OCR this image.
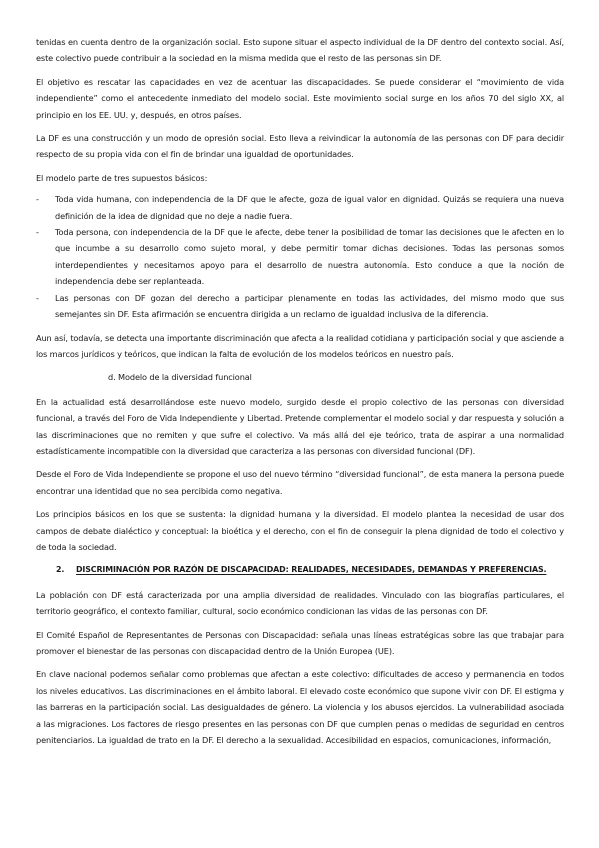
tenidas en cuenta dentro de la organización social. Esto supone situar el aspecto individual de la DF dentro del contexto social. Así, este colectivo puede contribuir a la sociedad en la misma medida que el resto de las personas sin DF.

El objetivo es rescatar las capacidades en vez de acentuar las discapacidades. Se puede considerar el “movimiento de vida independiente” como el antecedente inmediato del modelo social. Este movimiento social surge en los años 70 del siglo XX, al principio en los EE. UU. y, después, en otros países.

La DF es una construcción y un modo de opresión social. Esto lleva a reivindicar la autonomía de las personas con DF para decidir respecto de su propia vida con el fin de brindar una igualdad de oportunidades.

El modelo parte de tres supuestos básicos:

- Toda vida humana, con independencia de la DF que le afecte, goza de igual valor en dignidad. Quizás se requiera una nueva definición de la idea de dignidad que no deje a nadie fuera.
- Toda persona, con independencia de la DF que le afecte, debe tener la posibilidad de tomar las decisiones que le afecten en lo que incumbe a su desarrollo como sujeto moral, y debe permitir tomar dichas decisiones. Todas las personas somos interdependientes y necesitamos apoyo para el desarrollo de nuestra autonomía. Esto conduce a que la noción de independencia debe ser replanteada.
- Las personas con DF gozan del derecho a participar plenamente en todas las actividades, del mismo modo que sus semejantes sin DF. Esta afirmación se encuentra dirigida a un reclamo de igualdad inclusiva de la diferencia.

Aun así, todavía, se detecta una importante discriminación que afecta a la realidad cotidiana y participación social y que asciende a los marcos jurídicos y teóricos, que indican la falta de evolución de los modelos teóricos en nuestro país.

d. Modelo de la diversidad funcional

En la actualidad está desarrollándose este nuevo modelo, surgido desde el propio colectivo de las personas con diversidad funcional, a través del Foro de Vida Independiente y Libertad. Pretende complementar el modelo social y dar respuesta y solución a las discriminaciones que no remiten y que sufre el colectivo. Va más allá del eje teórico, trata de aspirar a una normalidad estadísticamente incompatible con la diversidad que caracteriza a las personas con diversidad funcional (DF).

Desde el Foro de Vida Independiente se propone el uso del nuevo término “diversidad funcional”, de esta manera la persona puede encontrar una identidad que no sea percibida como negativa.

Los principios básicos en los que se sustenta: la dignidad humana y la diversidad. El modelo plantea la necesidad de usar dos campos de debate dialéctico y conceptual: la bioética y el derecho, con el fin de conseguir la plena dignidad de todo el colectivo y de toda la sociedad.

2. DISCRIMINACIÓN POR RAZÓN DE DISCAPACIDAD: REALIDADES, NECESIDADES, DEMANDAS Y PREFERENCIAS.

La población con DF está caracterizada por una amplia diversidad de realidades. Vinculado con las biografías particulares, el territorio geográfico, el contexto familiar, cultural, socio económico condicionan las vidas de las personas con DF.

El Comité Español de Representantes de Personas con Discapacidad: señala unas líneas estratégicas sobre las que trabajar para promover el bienestar de las personas con discapacidad dentro de la Unión Europea (UE).

En clave nacional podemos señalar como problemas que afectan a este colectivo: dificultades de acceso y permanencia en todos los niveles educativos. Las discriminaciones en el ámbito laboral. El elevado coste económico que supone vivir con DF. El estigma y las barreras en la participación social. Las desigualdades de género. La violencia y los abusos ejercidos. La vulnerabilidad asociada a las migraciones. Los factores de riesgo presentes en las personas con DF que cumplen penas o medidas de seguridad en centros penitenciarios. La igualdad de trato en la DF. El derecho a la sexualidad. Accesibilidad en espacios, comunicaciones, información,
